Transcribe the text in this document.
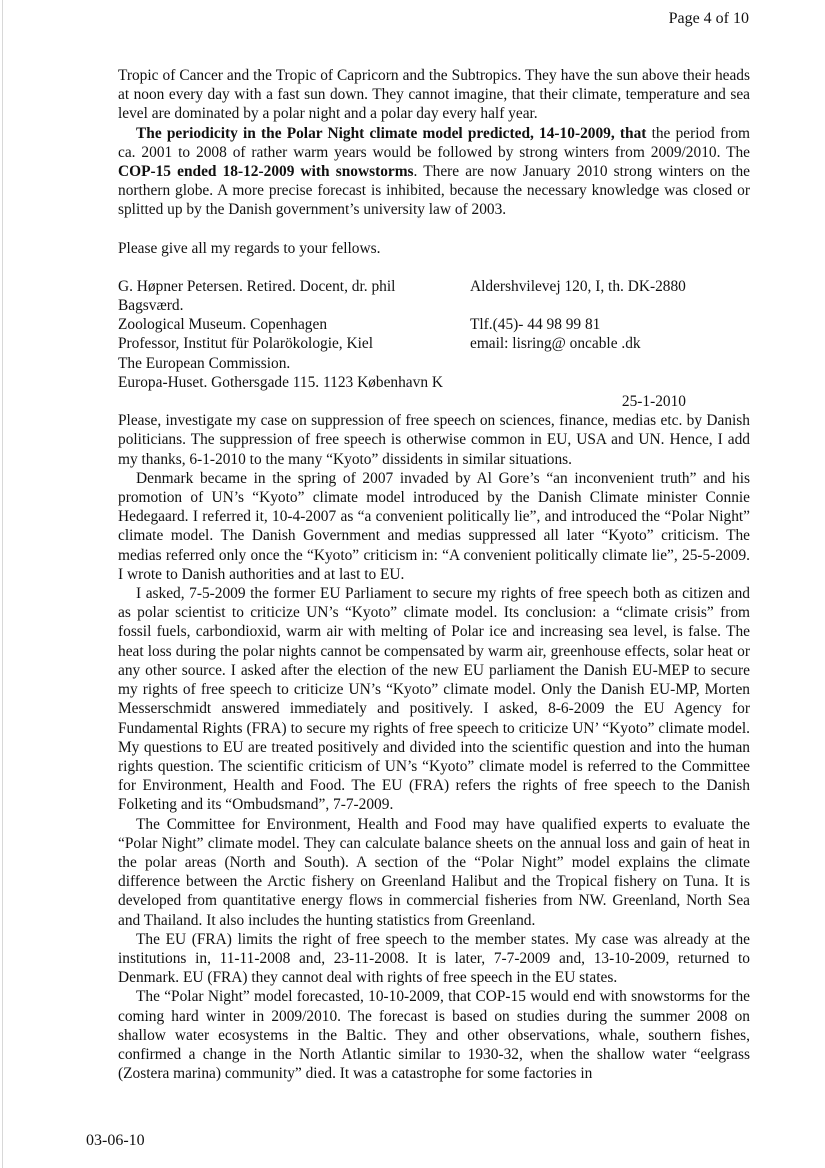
Page 4 of 10

Tropic of Cancer and the Tropic of Capricorn and the Subtropics. They have the sun above their heads at noon every day with a fast sun down. They cannot imagine, that their climate, temperature and sea level are dominated by a polar night and a polar day every half year.

The periodicity in the Polar Night climate model predicted, 14-10-2009, that the period from ca. 2001 to 2008 of rather warm years would be followed by strong winters from 2009/2010. The COP-15 ended 18-12-2009 with snowstorms. There are now January 2010 strong winters on the northern globe. A more precise forecast is inhibited, because the necessary knowledge was closed or splitted up by the Danish government’s university law of 2003.

Please give all my regards to your fellows.

G. Høpner Petersen. Retired. Docent, dr. phil	Aldershvilevej 120, I, th. DK-2880
Bagsværd.
Zoological Museum. Copenhagen	Tlf.(45)- 44 98 99 81
Professor, Institut für Polarökologie, Kiel	email: lisring@ oncable .dk
The European Commission.
Europa-Huset. Gothersgade 115. 1123 København K
25-1-2010

Please, investigate my case on suppression of free speech on sciences, finance, medias etc. by Danish politicians. The suppression of free speech is otherwise common in EU, USA and UN. Hence, I add my thanks, 6-1-2010 to the many “Kyoto” dissidents in similar situations.

Denmark became in the spring of 2007 invaded by Al Gore’s “an inconvenient truth” and his promotion of UN’s “Kyoto” climate model introduced by the Danish Climate minister Connie Hedegaard. I referred it, 10-4-2007 as “a convenient politically lie”, and introduced the “Polar Night” climate model. The Danish Government and medias suppressed all later “Kyoto” criticism. The medias referred only once the “Kyoto” criticism in: “A convenient politically climate lie”, 25-5-2009. I wrote to Danish authorities and at last to EU.

I asked, 7-5-2009 the former EU Parliament to secure my rights of free speech both as citizen and as polar scientist to criticize UN’s “Kyoto” climate model. Its conclusion: a “climate crisis” from fossil fuels, carbondioxid, warm air with melting of Polar ice and increasing sea level, is false. The heat loss during the polar nights cannot be compensated by warm air, greenhouse effects, solar heat or any other source. I asked after the election of the new EU parliament the Danish EU-MEP to secure my rights of free speech to criticize UN’s “Kyoto” climate model. Only the Danish EU-MP, Morten Messerschmidt answered immediately and positively. I asked, 8-6-2009 the EU Agency for Fundamental Rights (FRA) to secure my rights of free speech to criticize UN’ “Kyoto” climate model. My questions to EU are treated positively and divided into the scientific question and into the human rights question. The scientific criticism of UN’s “Kyoto” climate model is referred to the Committee for Environment, Health and Food. The EU (FRA) refers the rights of free speech to the Danish Folketing and its “Ombudsmand”, 7-7-2009.

The Committee for Environment, Health and Food may have qualified experts to evaluate the “Polar Night” climate model. They can calculate balance sheets on the annual loss and gain of heat in the polar areas (North and South). A section of the “Polar Night” model explains the climate difference between the Arctic fishery on Greenland Halibut and the Tropical fishery on Tuna. It is developed from quantitative energy flows in commercial fisheries from NW. Greenland, North Sea and Thailand. It also includes the hunting statistics from Greenland.

The EU (FRA) limits the right of free speech to the member states. My case was already at the institutions in, 11-11-2008 and, 23-11-2008. It is later, 7-7-2009 and, 13-10-2009, returned to Denmark. EU (FRA) they cannot deal with rights of free speech in the EU states.

The “Polar Night” model forecasted, 10-10-2009, that COP-15 would end with snowstorms for the coming hard winter in 2009/2010. The forecast is based on studies during the summer 2008 on shallow water ecosystems in the Baltic. They and other observations, whale, southern fishes, confirmed a change in the North Atlantic similar to 1930-32, when the shallow water “eelgrass (Zostera marina) community” died. It was a catastrophe for some factories in

03-06-10
